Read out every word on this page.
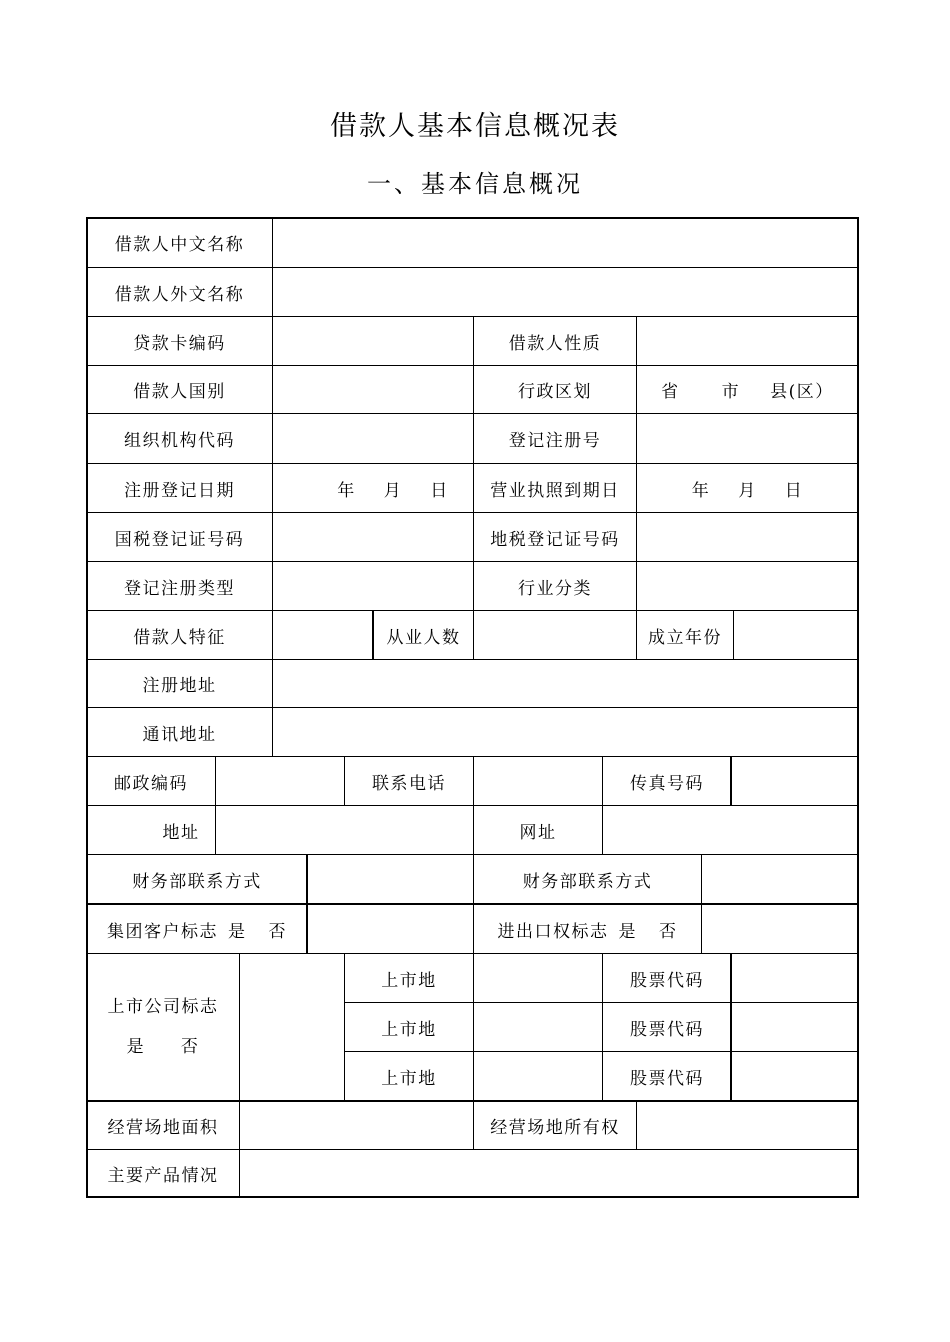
借款人基本信息概况表
一、基本信息概况
借款人中文名称
借款人外文名称
贷款卡编码	借款人性质
借款人国别	行政区划	省 市 县(区）
组织机构代码	登记注册号
注册登记日期	年 月 日	营业执照到期日	年 月 日
国税登记证号码	地税登记证号码
登记注册类型	行业分类
借款人特征	从业人数	成立年份
注册地址
通讯地址
邮政编码	联系电话	传真号码
地址	网址
财务部联系方式	财务部联系方式
集团客户标志 是 否	进出口权标志 是 否
上市公司标志
是 否
上市地	股票代码
上市地	股票代码
上市地	股票代码
经营场地面积	经营场地所有权
主要产品情况
